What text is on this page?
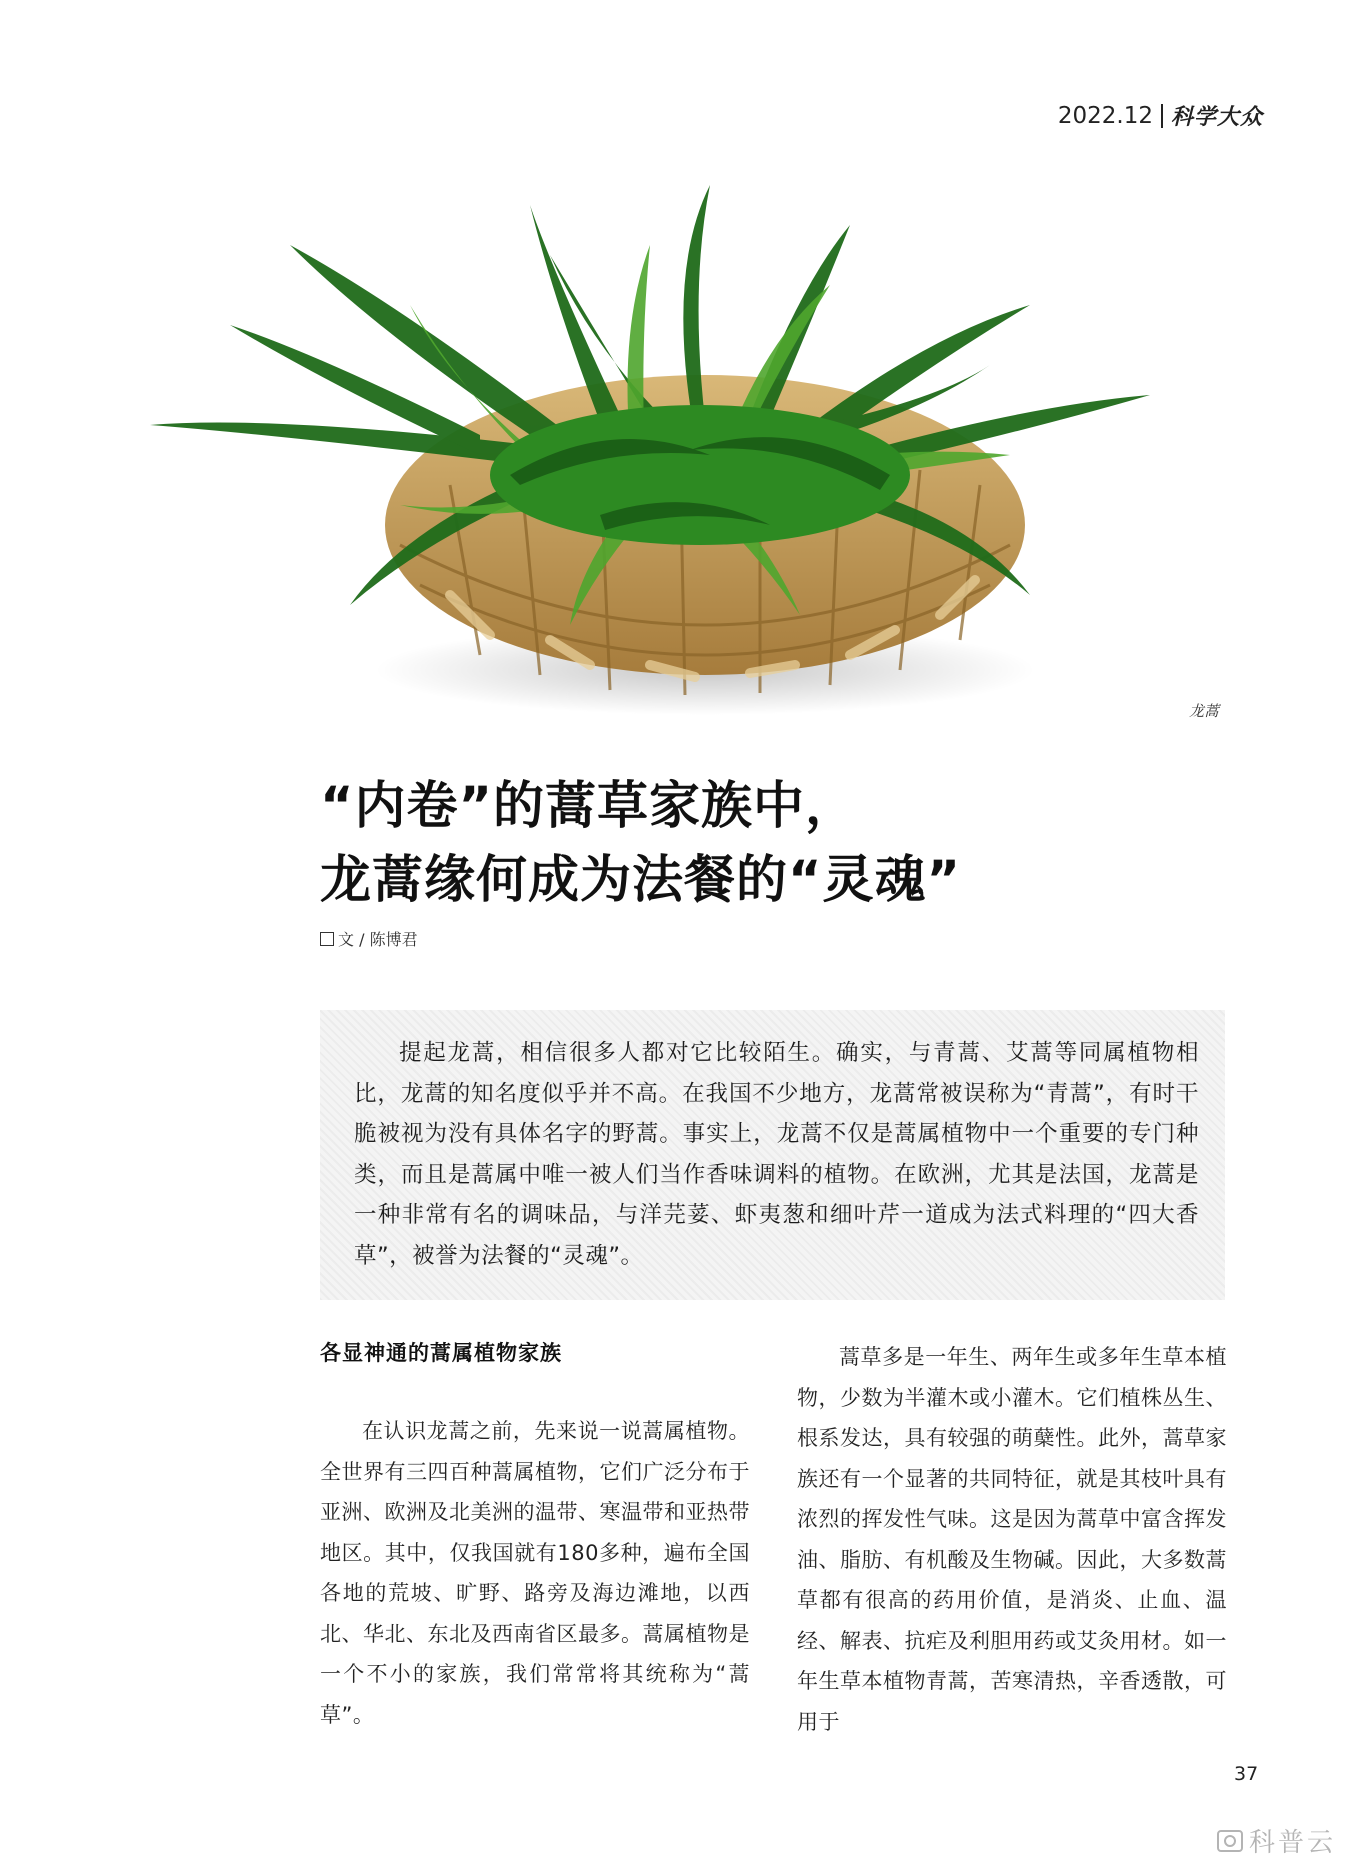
2022.12 科学大众
龙蒿
“内卷”的蒿草家族中，
龙蒿缘何成为法餐的“灵魂”
文 / 陈博君

提起龙蒿，相信很多人都对它比较陌生。确实，与青蒿、艾蒿等同属植物相比，龙蒿的知名度似乎并不高。在我国不少地方，龙蒿常被误称为“青蒿”，有时干脆被视为没有具体名字的野蒿。事实上，龙蒿不仅是蒿属植物中一个重要的专门种类，而且是蒿属中唯一被人们当作香味调料的植物。在欧洲，尤其是法国，龙蒿是一种非常有名的调味品，与洋芫荽、虾夷葱和细叶芹一道成为法式料理的“四大香草”，被誉为法餐的“灵魂”。

各显神通的蒿属植物家族

在认识龙蒿之前，先来说一说蒿属植物。全世界有三四百种蒿属植物，它们广泛分布于亚洲、欧洲及北美洲的温带、寒温带和亚热带地区。其中，仅我国就有180多种，遍布全国各地的荒坡、旷野、路旁及海边滩地，以西北、华北、东北及西南省区最多。蒿属植物是一个不小的家族，我们常常将其统称为“蒿草”。

蒿草多是一年生、两年生或多年生草本植物，少数为半灌木或小灌木。它们植株丛生、根系发达，具有较强的萌蘖性。此外，蒿草家族还有一个显著的共同特征，就是其枝叶具有浓烈的挥发性气味。这是因为蒿草中富含挥发油、脂肪、有机酸及生物碱。因此，大多数蒿草都有很高的药用价值，是消炎、止血、温经、解表、抗疟及利胆用药或艾灸用材。如一年生草本植物青蒿，苦寒清热，辛香透散，可用于

37
科普云
